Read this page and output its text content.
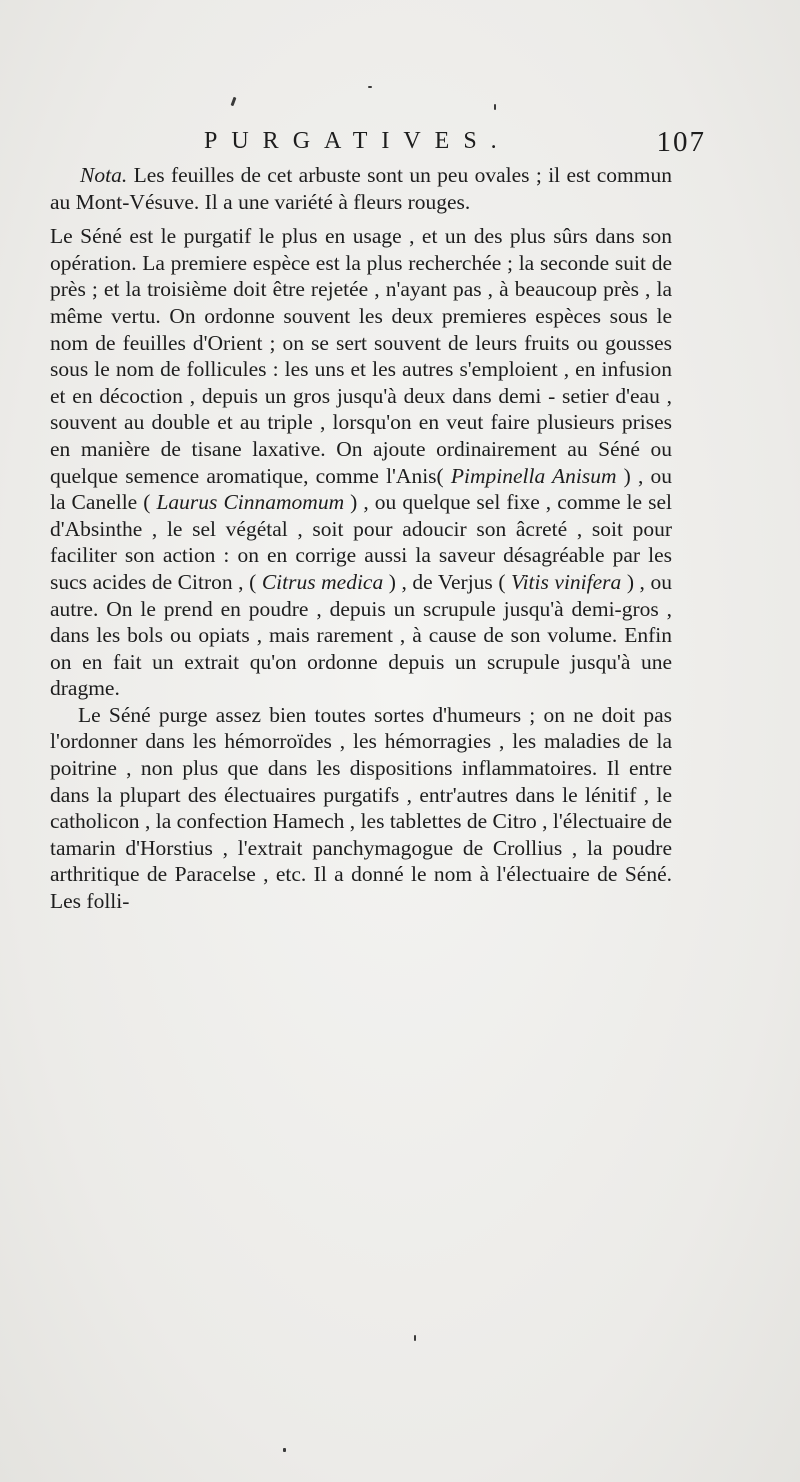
PURGATIVES.	107

Nota. Les feuilles de cet arbuste sont un peu ovales ; il est commun au Mont-Vésuve. Il a une variété à fleurs rouges.

Le Séné est le purgatif le plus en usage , et un des plus sûrs dans son opération. La premiere espèce est la plus recherchée ; la seconde suit de près ; et la troisième doit être rejetée , n'ayant pas , à beaucoup près , la même vertu. On ordonne souvent les deux premieres espèces sous le nom de feuilles d'Orient ; on se sert souvent de leurs fruits ou gousses sous le nom de follicules : les uns et les autres s'emploient , en infusion et en décoction , depuis un gros jusqu'à deux dans demi - setier d'eau , souvent au double et au triple , lorsqu'on en veut faire plusieurs prises en manière de tisane laxative. On ajoute ordinairement au Séné ou quelque semence aromatique, comme l'Anis( Pimpinella Anisum ) , ou la Canelle ( Laurus Cinnamomum ) , ou quelque sel fixe , comme le sel d'Absinthe , le sel végétal , soit pour adoucir son âcreté , soit pour faciliter son action : on en corrige aussi la saveur désagréable par les sucs acides de Citron , ( Citrus medica ) , de Verjus ( Vitis vinifera ) , ou autre. On le prend en poudre , depuis un scrupule jusqu'à demi-gros , dans les bols ou opiats , mais rarement , à cause de son volume. Enfin on en fait un extrait qu'on ordonne depuis un scrupule jusqu'à une dragme.

Le Séné purge assez bien toutes sortes d'humeurs ; on ne doit pas l'ordonner dans les hémorroïdes , les hémorragies , les maladies de la poitrine , non plus que dans les dispositions inflammatoires. Il entre dans la plupart des électuaires purgatifs , entr'autres dans le lénitif , le catholicon , la confection Hamech , les tablettes de Citro , l'électuaire de tamarin d'Horstius , l'extrait panchymagogue de Crollius , la poudre arthritique de Paracelse , etc. Il a donné le nom à l'électuaire de Séné. Les folli-
